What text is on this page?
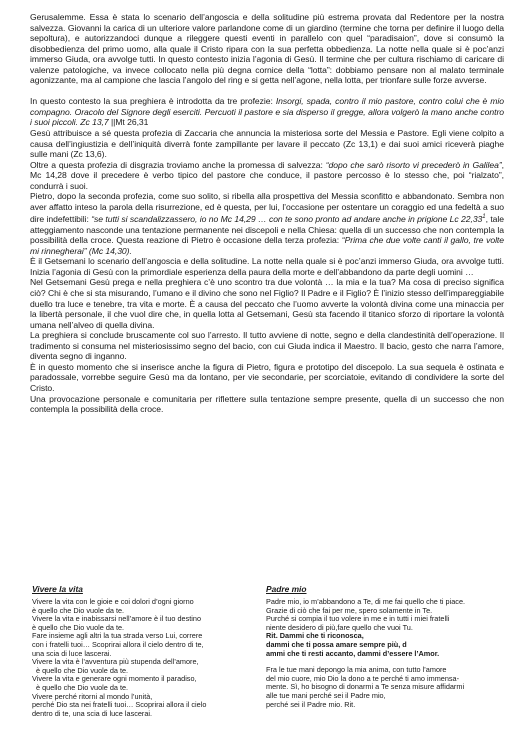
Gerusalemme. Essa è stata lo scenario dell’angoscia e della solitudine più estrema provata dal Redentore per la nostra salvezza. Giovanni la carica di un ulteriore valore parlandone come di un giardino (termine che torna per definire il luogo della sepoltura), e autorizzandoci dunque a rileggere questi eventi in parallelo con quel “paradisaion”, dove si consumò la disobbedienza del primo uomo, alla quale il Cristo ripara con la sua perfetta obbedienza. La notte nella quale si è poc’anzi immerso Giuda, ora avvolge tutti. In questo contesto inizia l’agonia di Gesù. Il termine che per cultura rischiamo di caricare di valenze patologiche, va invece collocato nella più degna cornice della “lotta”: dobbiamo pensare non al malato terminale agonizzante, ma al campione che lascia l’angolo del ring e si getta nell’agone, nella lotta, per trionfare sulle forze avverse.

In questo contesto la sua preghiera è introdotta da tre profezie: Insorgi, spada, contro il mio pastore, contro colui che è mio compagno. Oracolo del Signore degli eserciti. Percuoti il pastore e sia disperso il gregge, allora volgerò la mano anche contro i suoi piccoli. Zc 13,7 ||Mt 26,31

Gesù attribuisce a sé questa profezia di Zaccaria che annuncia la misteriosa sorte del Messia e Pastore. Egli viene colpito a causa dell’ingiustizia e dell’iniquità diverrà fonte zampillante per lavare il peccato (Zc 13,1) e dai suoi amici riceverà piaghe sulle mani (Zc 13,6).

Oltre a questa profezia di disgrazia troviamo anche la promessa di salvezza: “dopo che sarò risorto vi precederò in Galilea”, Mc 14,28 dove il precedere è verbo tipico del pastore che conduce, il pastore percosso è lo stesso che, poi “rialzato”, condurrà i suoi.

Pietro, dopo la seconda profezia, come suo solito, si ribella alla prospettiva del Messia sconfitto e abbandonato. Sembra non aver affatto inteso la parola della risurrezione, ed è questa, per lui, l’occasione per ostentare un coraggio ed una fedeltà a suo dire indefettibili: “se tutti si scandalizzassero, io no Mc 14,29 … con te sono pronto ad andare anche in prigione Lc 22,33$^1$, tale atteggiamento nasconde una tentazione permanente nei discepoli e nella Chiesa: quella di un successo che non contempla la possibilità della croce. Questa reazione di Pietro è occasione della terza profezia: “Prima che due volte canti il gallo, tre volte mi rinnegherai” (Mc 14,30).

È il Getsemani lo scenario dell’angoscia e della solitudine. La notte nella quale si è poc’anzi immerso Giuda, ora avvolge tutti. Inizia l’agonia di Gesù con la primordiale esperienza della paura della morte e dell’abbandono da parte degli uomini …

Nel Getsemani Gesù prega e nella preghiera c’è uno scontro tra due volontà … la mia e la tua? Ma cosa di preciso significa ciò? Chi è che si sta misurando, l’umano e il divino che sono nel Figlio? Il Padre e il Figlio? È l’inizio stesso dell’impareggiabile duello tra luce e tenebre, tra vita e morte. È a causa del peccato che l’uomo avverte la volontà divina come una minaccia per la libertà personale, il che vuol dire che, in quella lotta al Getsemani, Gesù sta facendo il titanico sforzo di riportare la volontà umana nell’alveo di quella divina.

La preghiera si conclude bruscamente col suo l’arresto. Il tutto avviene di notte, segno e della clandestinità dell’operazione. Il tradimento si consuma nel misteriosissimo segno del bacio, con cui Giuda indica il Maestro. Il bacio, gesto che narra l’amore, diventa segno di inganno.

È in questo momento che si inserisce anche la figura di Pietro, figura e prototipo del discepolo. La sua sequela è ostinata e paradossale, vorrebbe seguire Gesù ma da lontano, per vie secondarie, per scorciatoie, evitando di condividere la sorte del Cristo.

Una provocazione personale e comunitaria per riflettere sulla tentazione sempre presente, quella di un successo che non contempla la possibilità della croce.

Vivere la vita
Vivere la vita con le gioie e coi dolori d’ogni giorno
è quello che Dio vuole da te.
Vivere la vita e inabissarsi nell’amore è il tuo destino
è quello che Dio vuole da te.
Fare insieme agli altri la tua strada verso Lui, correre
con i fratelli tuoi… Scoprirai allora il cielo dentro di te,
una scia di luce lascerai.
Vivere la vita è l’avventura più stupenda dell’amore,
è quello che Dio vuole da te.
Vivere la vita e generare ogni momento il paradiso,
è quello che Dio vuole da te.
Vivere perché ritorni al mondo l’unità,
perché Dio sta nei fratelli tuoi… Scoprirai allora il cielo
dentro di te, una scia di luce lascerai.
Padre mio
Padre mio, io m’abbandono a Te, di me fai quello che ti piace.
Grazie di ciò che fai per me, spero solamente in Te.
Purché si compia il tuo volere in me e in tutti i miei fratelli
niente desidero di più,fare quello che vuoi Tu.
Rit. Dammi che ti riconosca,
dammi che ti possa amare sempre più, d
ammi che ti resti accanto, dammi d’essere l’Amor.
Fra le tue mani depongo la mia anima, con tutto l’amore
del mio cuore, mio Dio la dono a te perché ti amo immensa-
mente. Sì, ho bisogno di donarmi a Te senza misure affidarmi
alle tue mani perché sei il Padre mio,
perché sei il Padre mio. Rit.
